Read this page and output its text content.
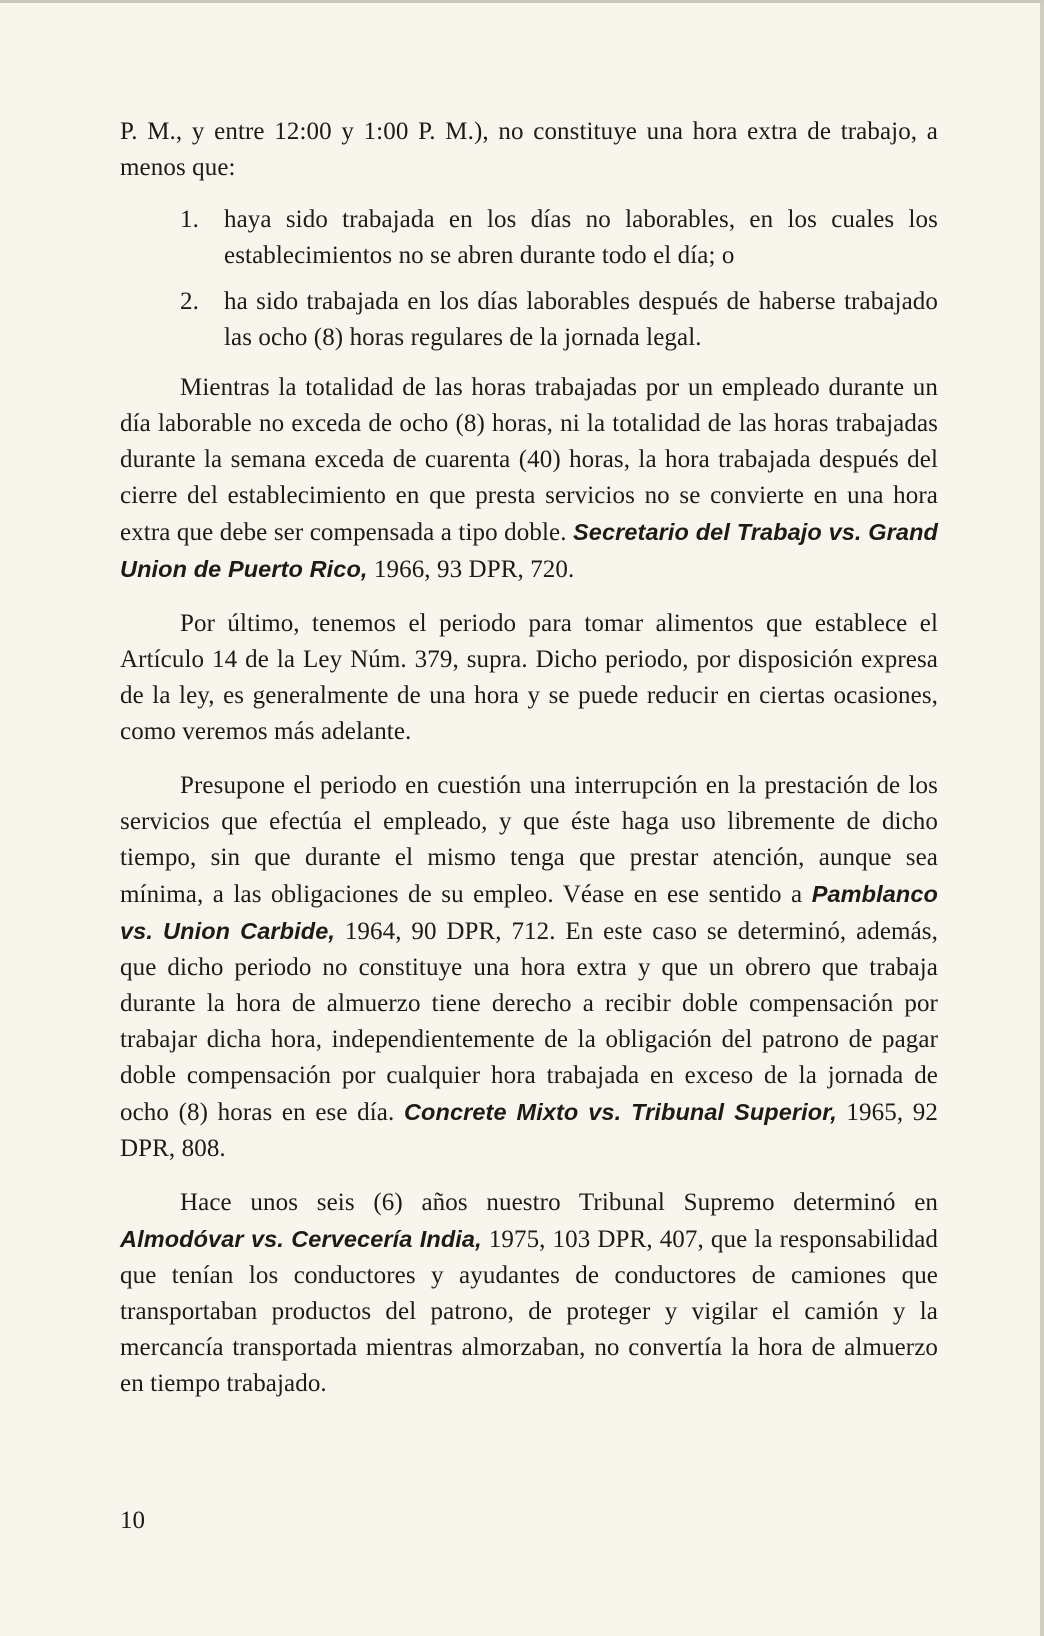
P. M., y entre 12:00 y 1:00 P. M.), no constituye una hora extra de trabajo, a menos que:

1.	haya sido trabajada en los días no laborables, en los cuales los establecimientos no se abren durante todo el día; o
2.	ha sido trabajada en los días laborables después de haberse trabajado las ocho (8) horas regulares de la jornada legal.

Mientras la totalidad de las horas trabajadas por un empleado durante un día laborable no exceda de ocho (8) horas, ni la totalidad de las horas trabajadas durante la semana exceda de cuarenta (40) horas, la hora trabajada después del cierre del establecimiento en que presta servicios no se convierte en una hora extra que debe ser compensada a tipo doble. Secretario del Trabajo vs. Grand Union de Puerto Rico, 1966, 93 DPR, 720.

Por último, tenemos el periodo para tomar alimentos que establece el Artículo 14 de la Ley Núm. 379, supra. Dicho periodo, por disposición expresa de la ley, es generalmente de una hora y se puede reducir en ciertas ocasiones, como veremos más adelante.

Presupone el periodo en cuestión una interrupción en la prestación de los servicios que efectúa el empleado, y que éste haga uso libremente de dicho tiempo, sin que durante el mismo tenga que prestar atención, aunque sea mínima, a las obligaciones de su empleo. Véase en ese sentido a Pamblanco vs. Union Carbide, 1964, 90 DPR, 712. En este caso se determinó, además, que dicho periodo no constituye una hora extra y que un obrero que trabaja durante la hora de almuerzo tiene derecho a recibir doble compensación por trabajar dicha hora, independientemente de la obligación del patrono de pagar doble compensación por cualquier hora trabajada en exceso de la jornada de ocho (8) horas en ese día. Concrete Mixto vs. Tribunal Superior, 1965, 92 DPR, 808.

Hace unos seis (6) años nuestro Tribunal Supremo determinó en Almodóvar vs. Cervecería India, 1975, 103 DPR, 407, que la responsabilidad que tenían los conductores y ayudantes de conductores de camiones que transportaban productos del patrono, de proteger y vigilar el camión y la mercancía transportada mientras almorzaban, no convertía la hora de almuerzo en tiempo trabajado.

10
